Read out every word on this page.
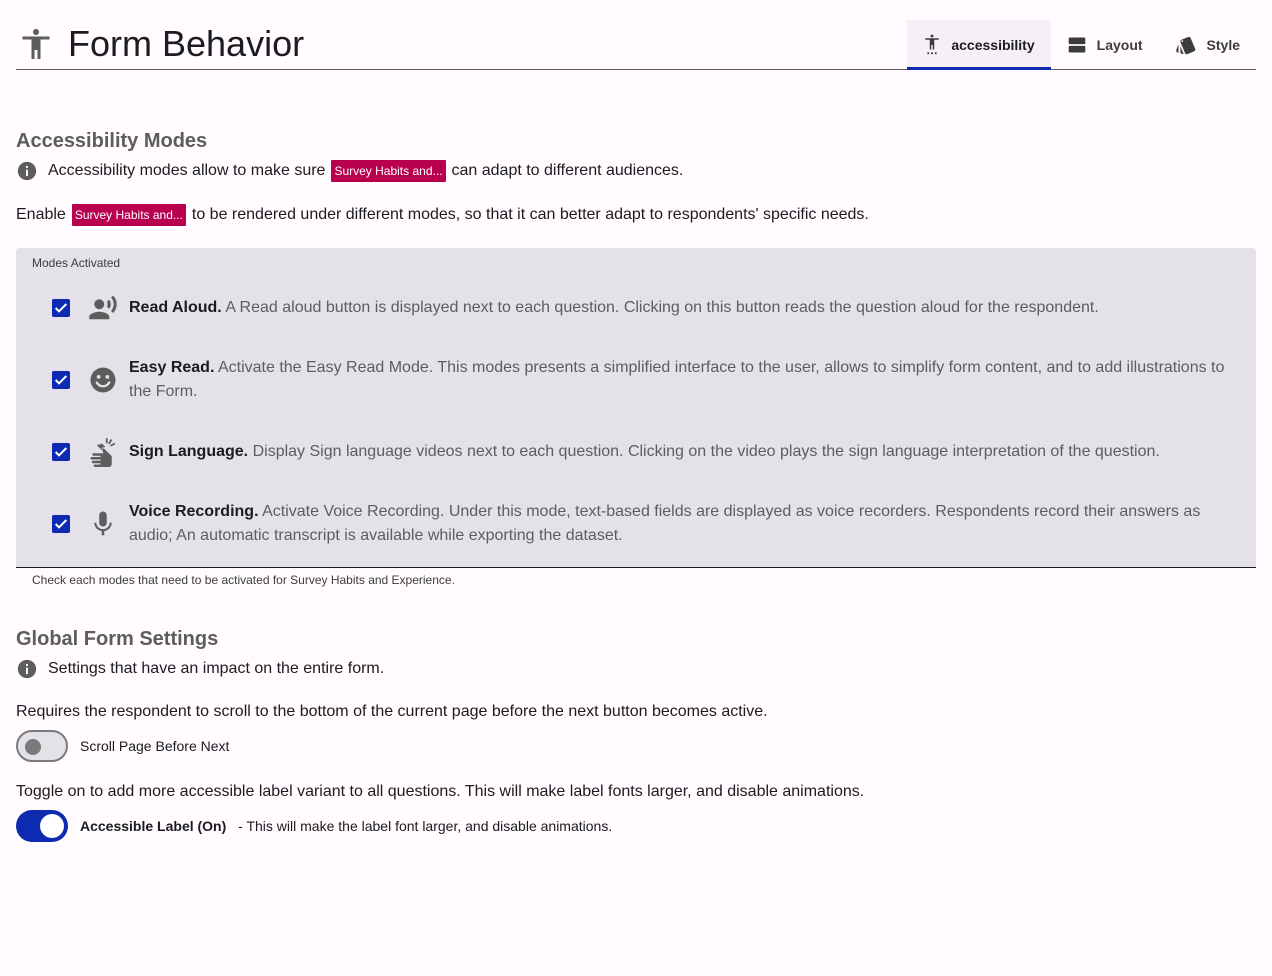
Form Behavior	accessibility	Layout	Style
Accessibility Modes
Accessibility modes allow to make sure Survey Habits and... can adapt to different audiences.
Enable Survey Habits and... to be rendered under different modes, so that it can better adapt to respondents' specific needs.
Modes Activated
Read Aloud. A Read aloud button is displayed next to each question. Clicking on this button reads the question aloud for the respondent.
Easy Read. Activate the Easy Read Mode. This modes presents a simplified interface to the user, allows to simplify form content, and to add illustrations to the Form.
Sign Language. Display Sign language videos next to each question. Clicking on the video plays the sign language interpretation of the question.
Voice Recording. Activate Voice Recording. Under this mode, text-based fields are displayed as voice recorders. Respondents record their answers as audio; An automatic transcript is available while exporting the dataset.
Check each modes that need to be activated for Survey Habits and Experience.
Global Form Settings
Settings that have an impact on the entire form.
Requires the respondent to scroll to the bottom of the current page before the next button becomes active.
Scroll Page Before Next
Toggle on to add more accessible label variant to all questions. This will make label fonts larger, and disable animations.
Accessible Label (On) - This will make the label font larger, and disable animations.
